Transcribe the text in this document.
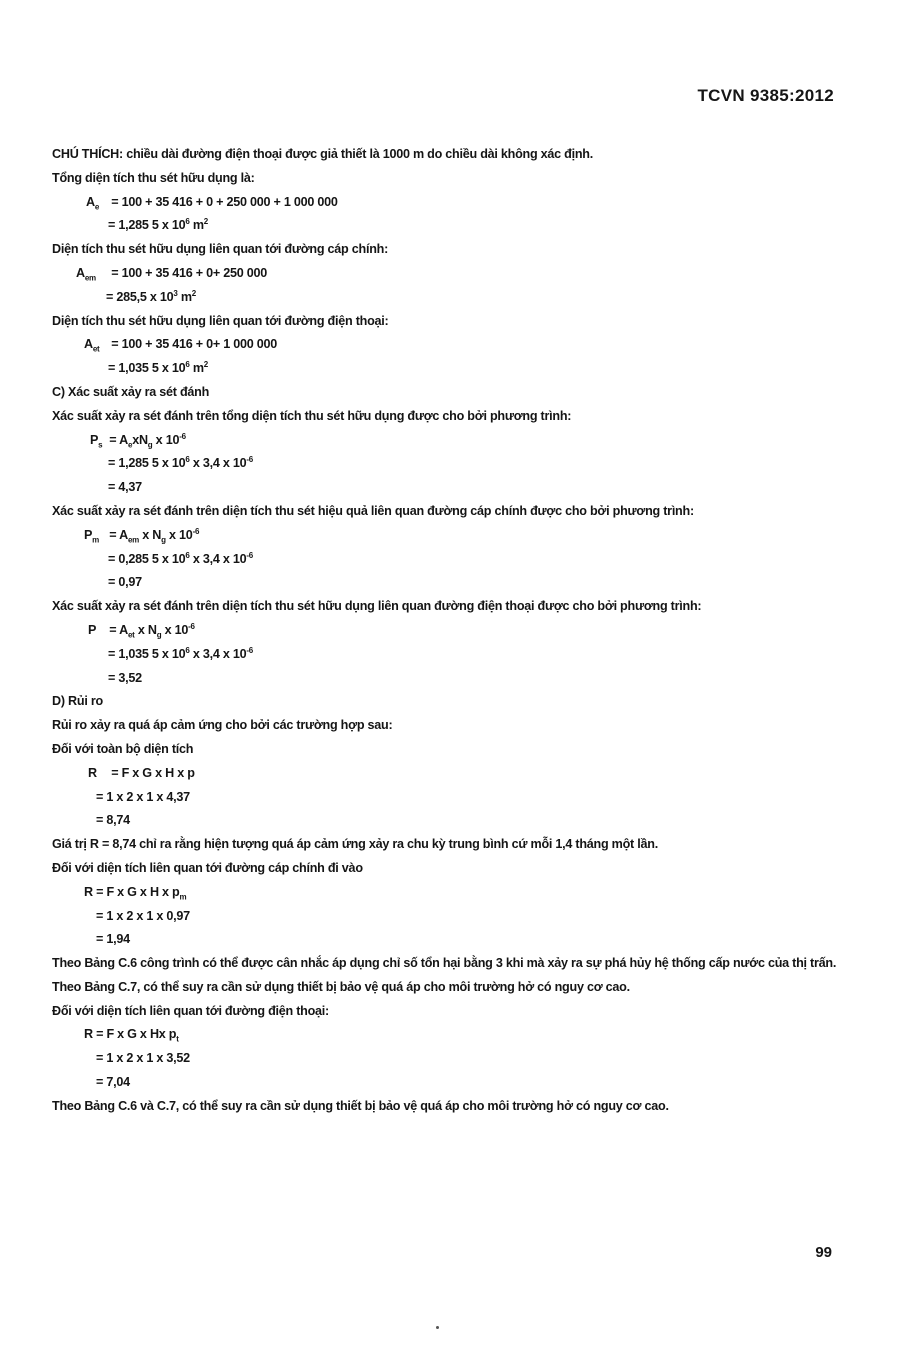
TCVN 9385:2012
CHÚ THÍCH: chiều dài đường điện thoại được giả thiết là 1000 m do chiều dài không xác định.
Tổng diện tích thu sét hữu dụng là:
$A_e = 100 + 35$ 416 + 0 + 250 000 + 1 000 000
= 1,285 5 x $10^6$ $m^2$
Diện tích thu sét hữu dụng liên quan tới đường cáp chính:
$A_{em} = 100 + 35$ 416 + 0+ 250 000
= 285,5 x $10^3$ $m^2$
Diện tích thu sét hữu dụng liên quan tới đường điện thoại:
$A_{et} = 100 + 35$ 416 + 0+ 1 000 000
= 1,035 5 x $10^6$ $m^2$
C) Xác suất xảy ra sét đánh
Xác suất xảy ra sét đánh trên tổng diện tích thu sét hữu dụng được cho bởi phương trình:
$P_s = A_exN_g$ x $10^{-6}$
= 1,285 5 x $10^6$ x 3,4 x $10^{-6}$
= 4,37
Xác suất xảy ra sét đánh trên diện tích thu sét hiệu quả liên quan đường cáp chính được cho bởi phương trình:
$P_m = A_{em}$ x $N_g$ x $10^{-6}$
= 0,285 5 x $10^6$ x 3,4 x $10^{-6}$
= 0,97
Xác suất xảy ra sét đánh trên diện tích thu sét hữu dụng liên quan đường điện thoại được cho bởi phương trình:
$P = A_{et}$ x $N_g$ x $10^{-6}$
= 1,035 5 x $10^6$ x 3,4 x $10^{-6}$
= 3,52
D) Rủi ro
Rủi ro xảy ra quá áp cảm ứng cho bởi các trường hợp sau:
Đối với toàn bộ diện tích
R = F x G x H x p
= 1 x 2 x 1 x 4,37
= 8,74
Giá trị R = 8,74 chỉ ra rằng hiện tượng quá áp cảm ứng xảy ra chu kỳ trung bình cứ mỗi 1,4 tháng một lần.
Đối với diện tích liên quan tới đường cáp chính đi vào
R = F x G x H x $p_m$
= 1 x 2 x 1 x 0,97
= 1,94
Theo Bảng C.6 công trình có thể được cân nhắc áp dụng chỉ số tổn hại bằng 3 khi mà xảy ra sự phá hủy hệ thống cấp nước của thị trấn.
Theo Bảng C.7, có thể suy ra cần sử dụng thiết bị bảo vệ quá áp cho môi trường hở có nguy cơ cao.
Đối với diện tích liên quan tới đường điện thoại:
R = F x G x Hx $p_t$
= 1 x 2 x 1 x 3,52
= 7,04
Theo Bảng C.6 và C.7, có thể suy ra cần sử dụng thiết bị bảo vệ quá áp cho môi trường hở có nguy cơ cao.
99
